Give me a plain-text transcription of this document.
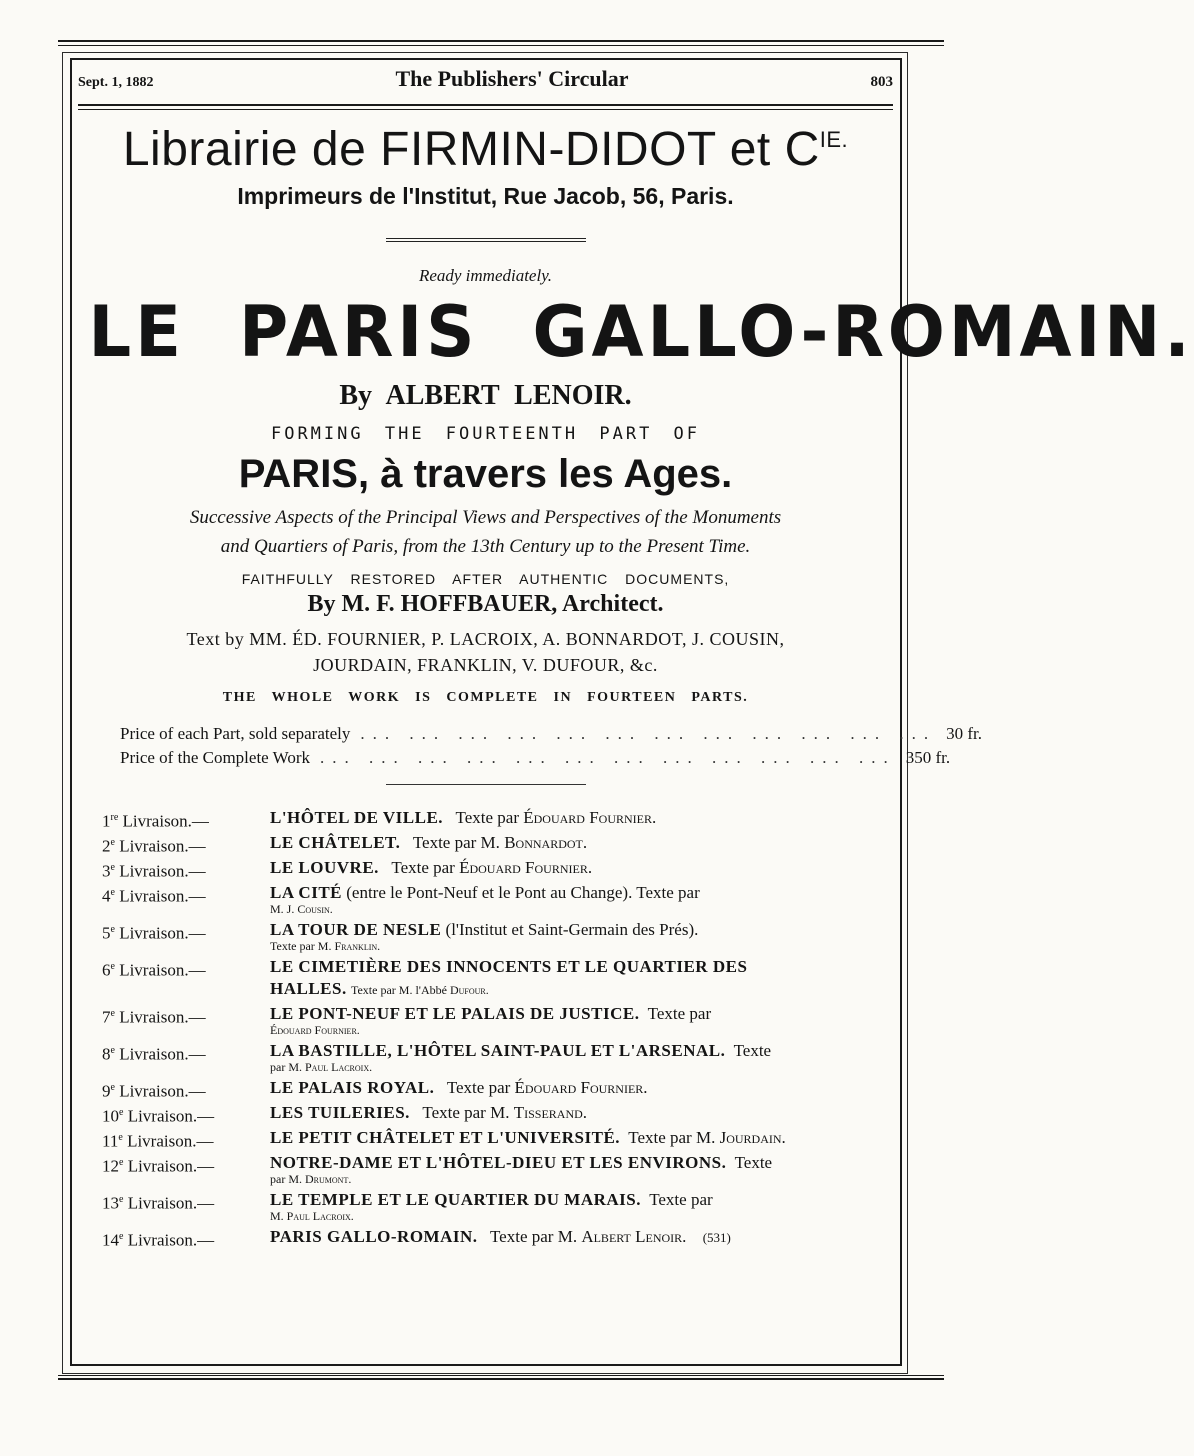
Sept. 1, 1882	The Publishers' Circular	803
Librairie de FIRMIN-DIDOT et $C^{IE.}$
Imprimeurs de l'Institut, Rue Jacob, 56, Paris.
Ready immediately.
LE PARIS GALLO-ROMAIN.
By ALBERT LENOIR.
FORMING THE FOURTEENTH PART OF
PARIS, à travers les Ages.
Successive Aspects of the Principal Views and Perspectives of the Monuments
and Quartiers of Paris, from the 13th Century up to the Present Time.
FAITHFULLY RESTORED AFTER AUTHENTIC DOCUMENTS,
By M. F. HOFFBAUER, Architect.
Text by MM. ÉD. FOURNIER, P. LACROIX, A. BONNARDOT, J. COUSIN,
JOURDAIN, FRANKLIN, V. DUFOUR, &c.
THE WHOLE WORK IS COMPLETE IN FOURTEEN PARTS.
Price of each Part, sold separately ... .	30 fr.
Price of the Complete Work ... .	350 fr.
1re Livraison.—	L'HÔTEL DE VILLE. Texte par Édouard Fournier.
2e Livraison.—	LE CHÂTELET. Texte par M. Bonnardot.
3e Livraison.—	LE LOUVRE. Texte par Édouard Fournier.
4e Livraison.—	LA CITÉ (entre le Pont-Neuf et le Pont au Change). Texte par
M. J. Cousin.
5e Livraison.—	LA TOUR DE NESLE (l'Institut et Saint-Germain des Prés).
Texte par M. Franklin.
6e Livraison.—	LE CIMETIÈRE DES INNOCENTS ET LE QUARTIER DES
HALLES. Texte par M. l'Abbé Dufour.
7e Livraison.—	LE PONT-NEUF ET LE PALAIS DE JUSTICE. Texte par
Édouard Fournier.
8e Livraison.—	LA BASTILLE, L'HÔTEL SAINT-PAUL ET L'ARSENAL. Texte
par M. Paul Lacroix.
9e Livraison.—	LE PALAIS ROYAL. Texte par Édouard Fournier.
10e Livraison.—	LES TUILERIES. Texte par M. Tisserand.
11e Livraison.—	LE PETIT CHÂTELET ET L'UNIVERSITÉ. Texte par M. Jourdain.
12e Livraison.—	NOTRE-DAME ET L'HÔTEL-DIEU ET LES ENVIRONS. Texte
par M. Drumont.
13e Livraison.—	LE TEMPLE ET LE QUARTIER DU MARAIS. Texte par
M. Paul Lacroix.
14e Livraison.—	PARIS GALLO-ROMAIN. Texte par M. Albert Lenoir. (531)
